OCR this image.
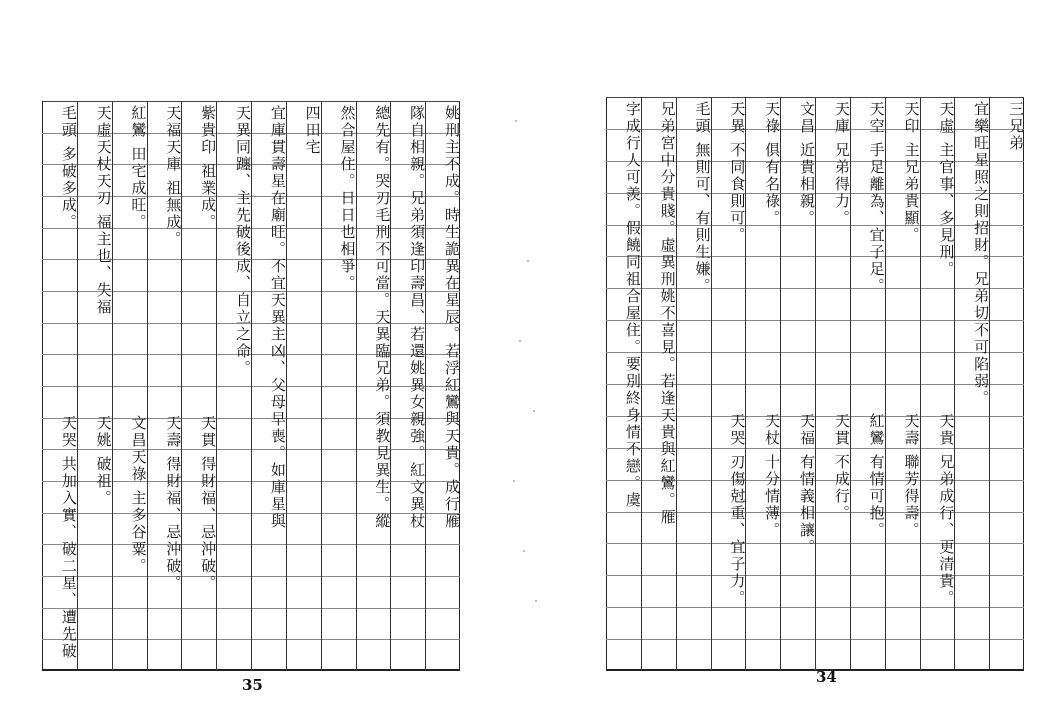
姚刑主不成。時生詭異在星辰。若浮紅鸞與天貴。成行雁
隊自相親。兄弟須逢印壽昌、若還姚異女親強。紅文異杖
總先有。哭刃毛刑不可當。天異臨兄弟。須教見異生。縱
然合屋住。日日也相爭。
四田宅
宜庫貫壽星在廟旺。不宜天異主凶、父母早喪。如庫星與
天異同躔、主先破後成、自立之命。
紫貴印 祖業成。
天貫 得財福、忌沖破。
天福天庫 祖無成。
天壽 得財福、忌沖破。
紅鸞 田宅成旺。
文昌天祿 主多谷粟。
天虛天杖天刃 福主也、失福
天姚 破祖。
毛頭 多破多成。
天哭 共加入實、破二星、遭先破
35
三兄弟
宜樂旺星照之則招財。兄弟切不可陷弱。
天虛 主官事、多見刑。
天貴 兄弟成行、更清貴。
天印 主兄弟貴顯。
天壽 聯芳得壽。
天空 手足離為、宜子足。
紅鸞 有情可抱。
天庫 兄弟得力。
天貫 不成行。
文昌 近貴相親。
天福 有情義相讓。
天祿 俱有名祿。
天杖 十分情薄。
天異 不同食則可。
天哭 刃傷尅重、宜子力。
毛頭 無則可、有則生嫌。
兄弟宮中分貴賤。虛異刑姚不喜見。若逢天貴與紅鸞。雁
字成行人可羨。假饒同祖合屋住。要別終身情不戀。虞
34
